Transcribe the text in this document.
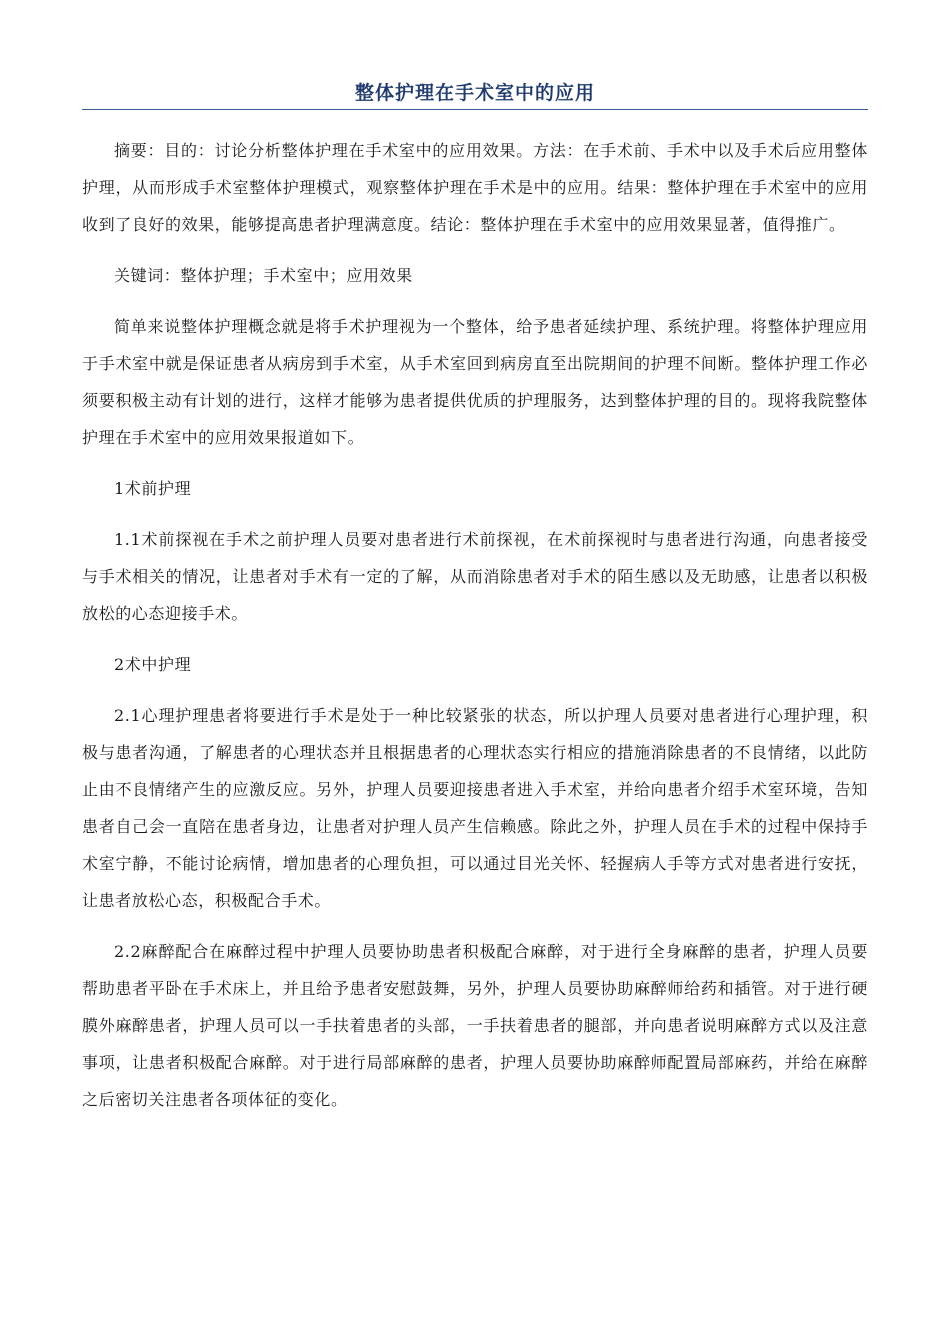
整体护理在手术室中的应用

摘要：目的：讨论分析整体护理在手术室中的应用效果。方法：在手术前、手术中以及手术后应用整体护理，从而形成手术室整体护理模式，观察整体护理在手术是中的应用。结果：整体护理在手术室中的应用收到了良好的效果，能够提高患者护理满意度。结论：整体护理在手术室中的应用效果显著，值得推广。

关键词：整体护理；手术室中；应用效果

简单来说整体护理概念就是将手术护理视为一个整体，给予患者延续护理、系统护理。将整体护理应用于手术室中就是保证患者从病房到手术室，从手术室回到病房直至出院期间的护理不间断。整体护理工作必须要积极主动有计划的进行，这样才能够为患者提供优质的护理服务，达到整体护理的目的。现将我院整体护理在手术室中的应用效果报道如下。

1术前护理

1.1术前探视在手术之前护理人员要对患者进行术前探视，在术前探视时与患者进行沟通，向患者接受与手术相关的情况，让患者对手术有一定的了解，从而消除患者对手术的陌生感以及无助感，让患者以积极放松的心态迎接手术。

2术中护理

2.1心理护理患者将要进行手术是处于一种比较紧张的状态，所以护理人员要对患者进行心理护理，积极与患者沟通，了解患者的心理状态并且根据患者的心理状态实行相应的措施消除患者的不良情绪，以此防止由不良情绪产生的应激反应。另外，护理人员要迎接患者进入手术室，并给向患者介绍手术室环境，告知患者自己会一直陪在患者身边，让患者对护理人员产生信赖感。除此之外，护理人员在手术的过程中保持手术室宁静，不能讨论病情，增加患者的心理负担，可以通过目光关怀、轻握病人手等方式对患者进行安抚，让患者放松心态，积极配合手术。

2.2麻醉配合在麻醉过程中护理人员要协助患者积极配合麻醉，对于进行全身麻醉的患者，护理人员要帮助患者平卧在手术床上，并且给予患者安慰鼓舞，另外，护理人员要协助麻醉师给药和插管。对于进行硬膜外麻醉患者，护理人员可以一手扶着患者的头部，一手扶着患者的腿部，并向患者说明麻醉方式以及注意事项，让患者积极配合麻醉。对于进行局部麻醉的患者，护理人员要协助麻醉师配置局部麻药，并给在麻醉之后密切关注患者各项体征的变化。
